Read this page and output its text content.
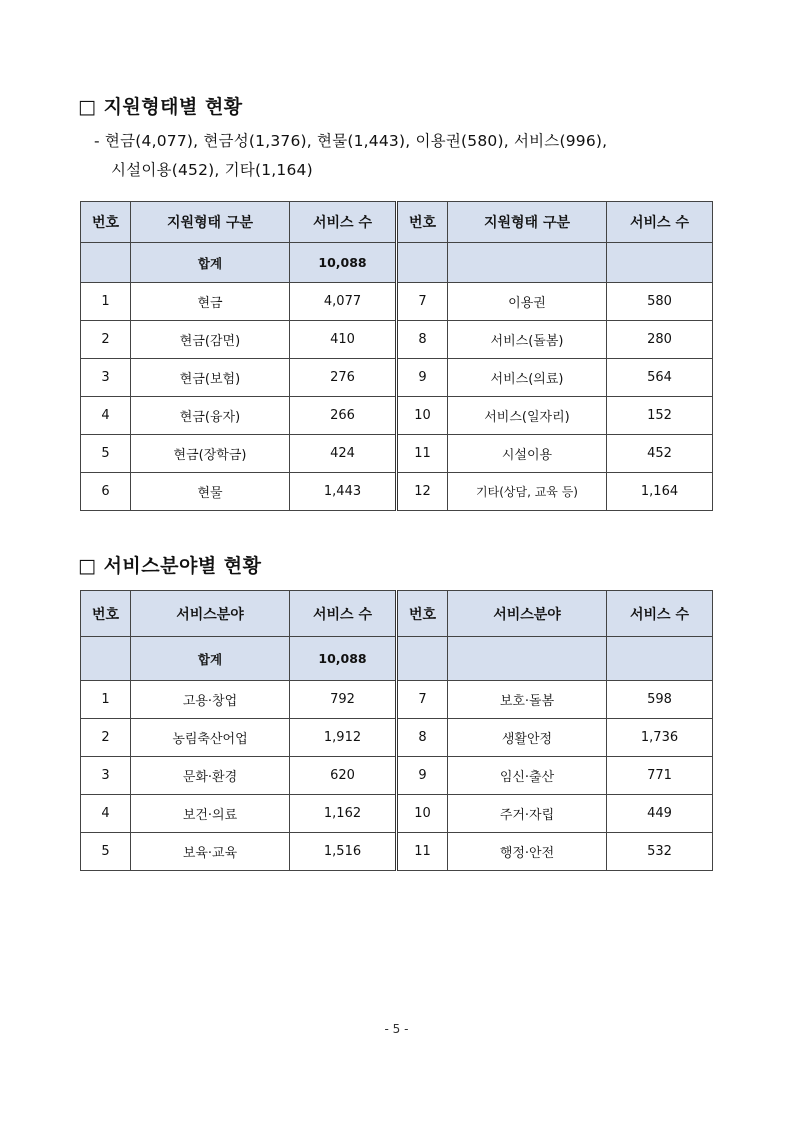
□ 지원형태별 현황
- 현금(4,077), 현금성(1,376), 현물(1,443), 이용권(580), 서비스(996),
시설이용(452), 기타(1,164)
번호	지원형태 구분	서비스 수	번호	지원형태 구분	서비스 수
	합계	10,088			
1	현금	4,077	7	이용권	580
2	현금(감면)	410	8	서비스(돌봄)	280
3	현금(보험)	276	9	서비스(의료)	564
4	현금(융자)	266	10	서비스(일자리)	152
5	현금(장학금)	424	11	시설이용	452
6	현물	1,443	12	기타(상담, 교육 등)	1,164
□ 서비스분야별 현황
번호	서비스분야	서비스 수	번호	서비스분야	서비스 수
	합계	10,088			
1	고용·창업	792	7	보호·돌봄	598
2	농림축산어업	1,912	8	생활안정	1,736
3	문화·환경	620	9	임신·출산	771
4	보건·의료	1,162	10	주거·자립	449
5	보육·교육	1,516	11	행정·안전	532
- 5 -
